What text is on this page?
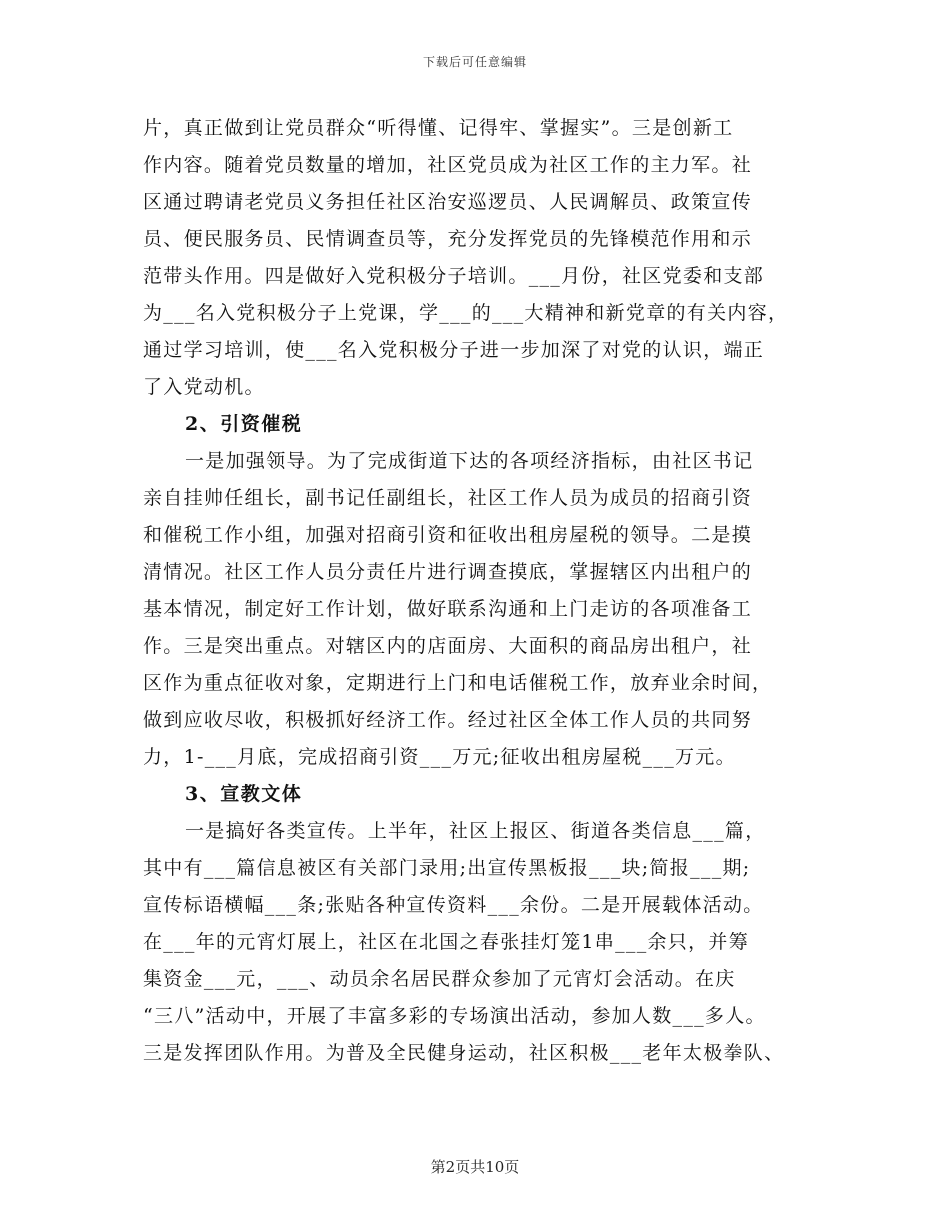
下载后可任意编辑
片，真正做到让党员群众“听得懂、记得牢、掌握实”。三是创新工
作内容。随着党员数量的增加，社区党员成为社区工作的主力军。社
区通过聘请老党员义务担任社区治安巡逻员、人民调解员、政策宣传
员、便民服务员、民情调查员等，充分发挥党员的先锋模范作用和示
范带头作用。四是做好入党积极分子培训。___月份，社区党委和支部
为___名入党积极分子上党课，学___的___大精神和新党章的有关内容，
通过学习培训，使___名入党积极分子进一步加深了对党的认识，端正
了入党动机。
2、引资催税
一是加强领导。为了完成街道下达的各项经济指标，由社区书记
亲自挂帅任组长，副书记任副组长，社区工作人员为成员的招商引资
和催税工作小组，加强对招商引资和征收出租房屋税的领导。二是摸
清情况。社区工作人员分责任片进行调查摸底，掌握辖区内出租户的
基本情况，制定好工作计划，做好联系沟通和上门走访的各项准备工
作。三是突出重点。对辖区内的店面房、大面积的商品房出租户，社
区作为重点征收对象，定期进行上门和电话催税工作，放弃业余时间，
做到应收尽收，积极抓好经济工作。经过社区全体工作人员的共同努
力，1-___月底，完成招商引资___万元;征收出租房屋税___万元。
3、宣教文体
一是搞好各类宣传。上半年，社区上报区、街道各类信息___篇，
其中有___篇信息被区有关部门录用;出宣传黑板报___块;简报___期;
宣传标语横幅___条;张贴各种宣传资料___余份。二是开展载体活动。
在___年的元宵灯展上，社区在北国之春张挂灯笼1串___余只，并筹
集资金___元，___、动员余名居民群众参加了元宵灯会活动。在庆
“三八”活动中，开展了丰富多彩的专场演出活动，参加人数___多人。
三是发挥团队作用。为普及全民健身运动，社区积极___老年太极拳队、
第2页共10页
